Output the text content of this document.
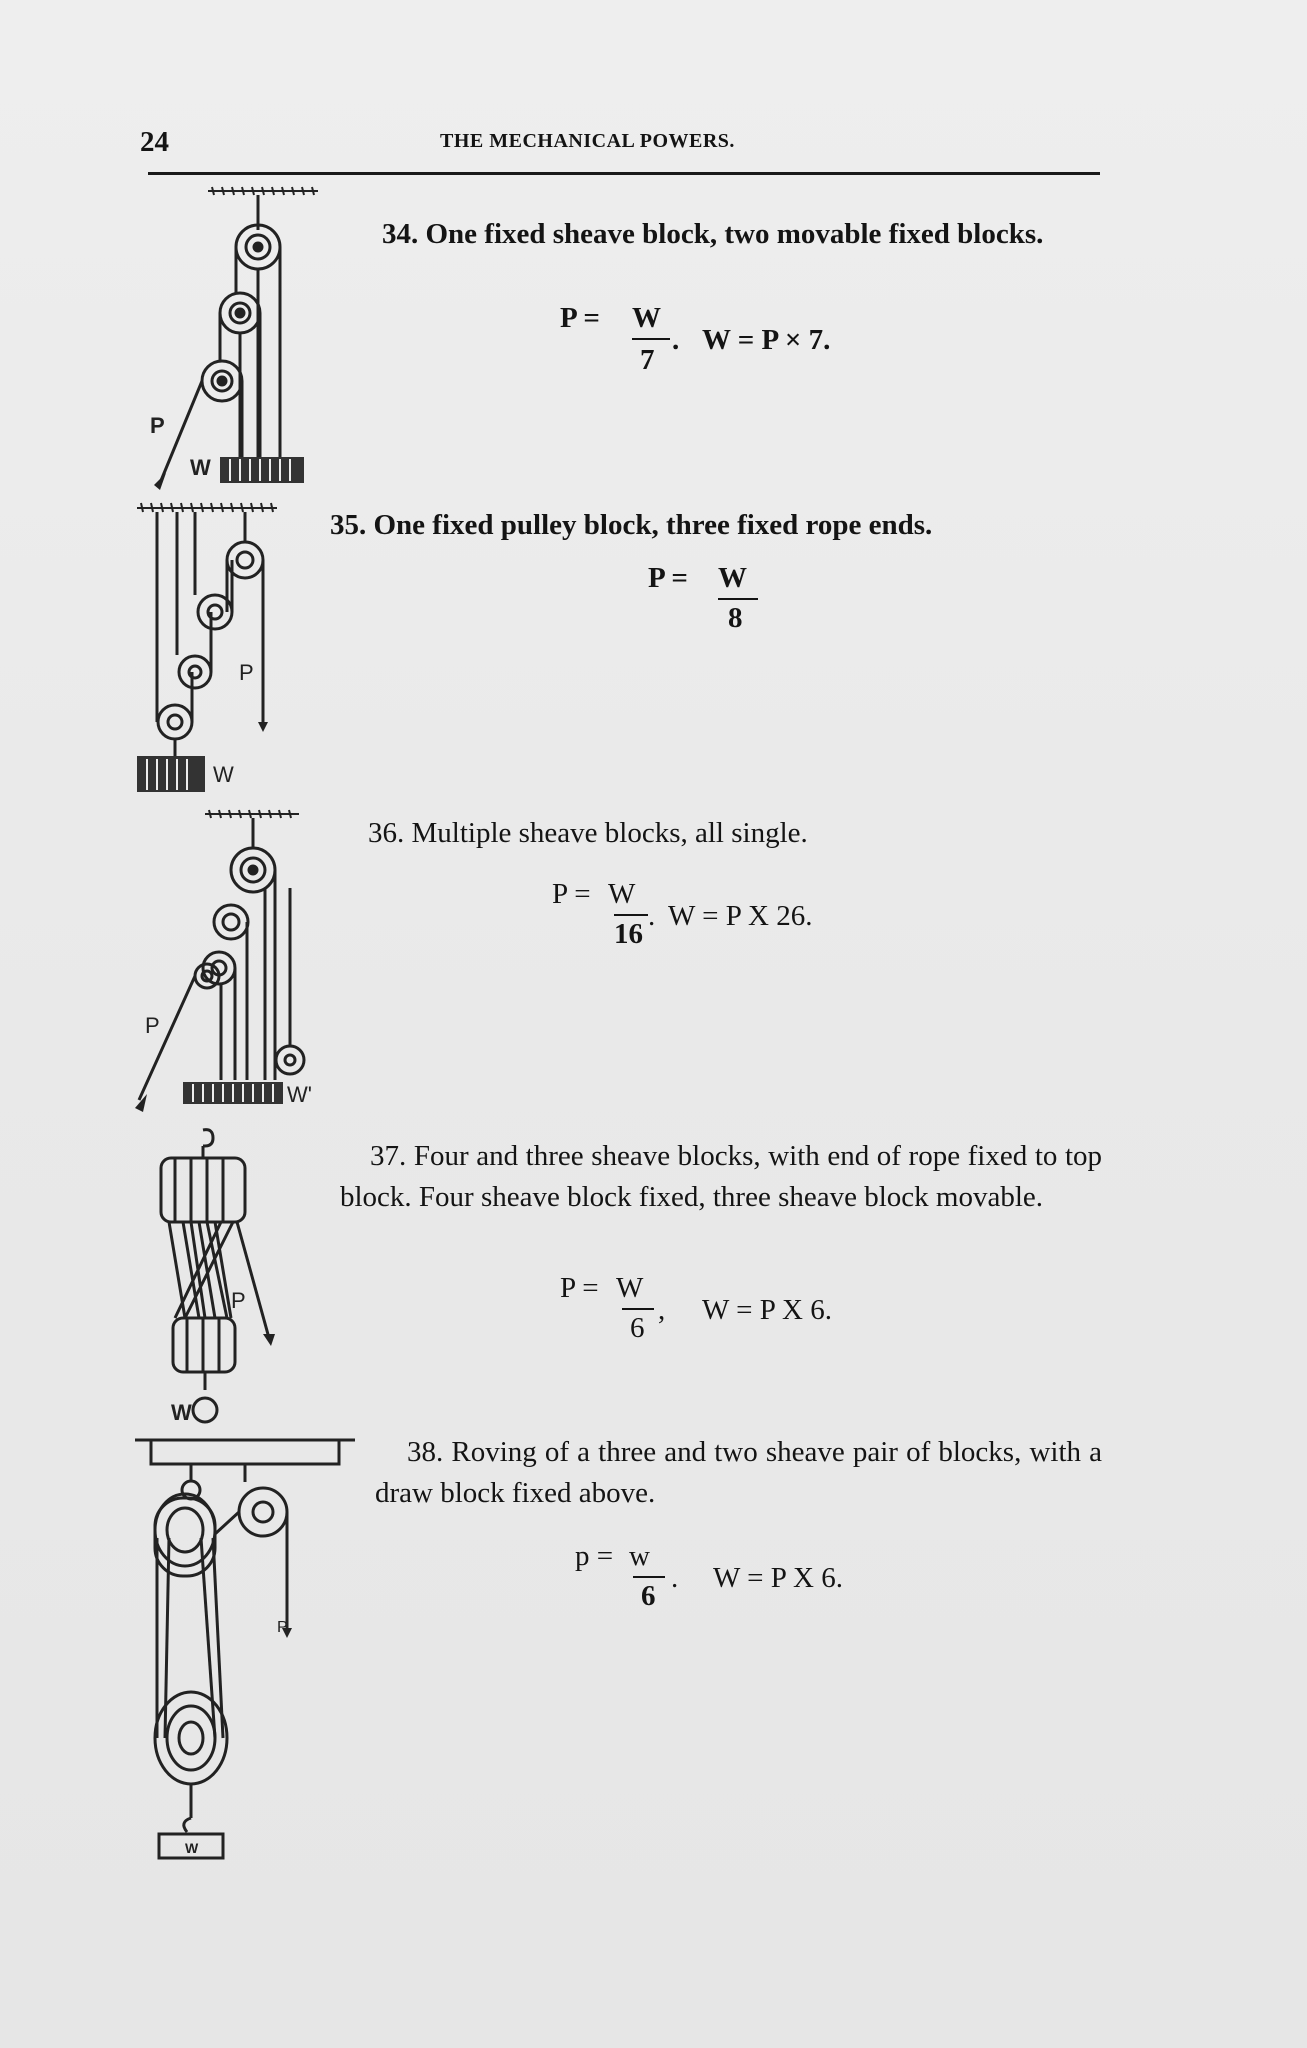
24	THE MECHANICAL POWERS.
P
W
34. One fixed sheave block, two movable fixed blocks.
P = W
7
. W = P × 7.
P
W
35. One fixed pulley block, three fixed rope ends.
P = W
8
P
W'
36. Multiple sheave blocks, all single.
P = W
16
. W = P X 26.
P
W
37. Four and three sheave blocks, with end of rope fixed to top block. Four sheave block fixed, three sheave block movable.
P = W
6
, W = P X 6.
P
W
38. Roving of a three and two sheave pair of blocks, with a draw block fixed above.
p = w
6
. W = P X 6.
